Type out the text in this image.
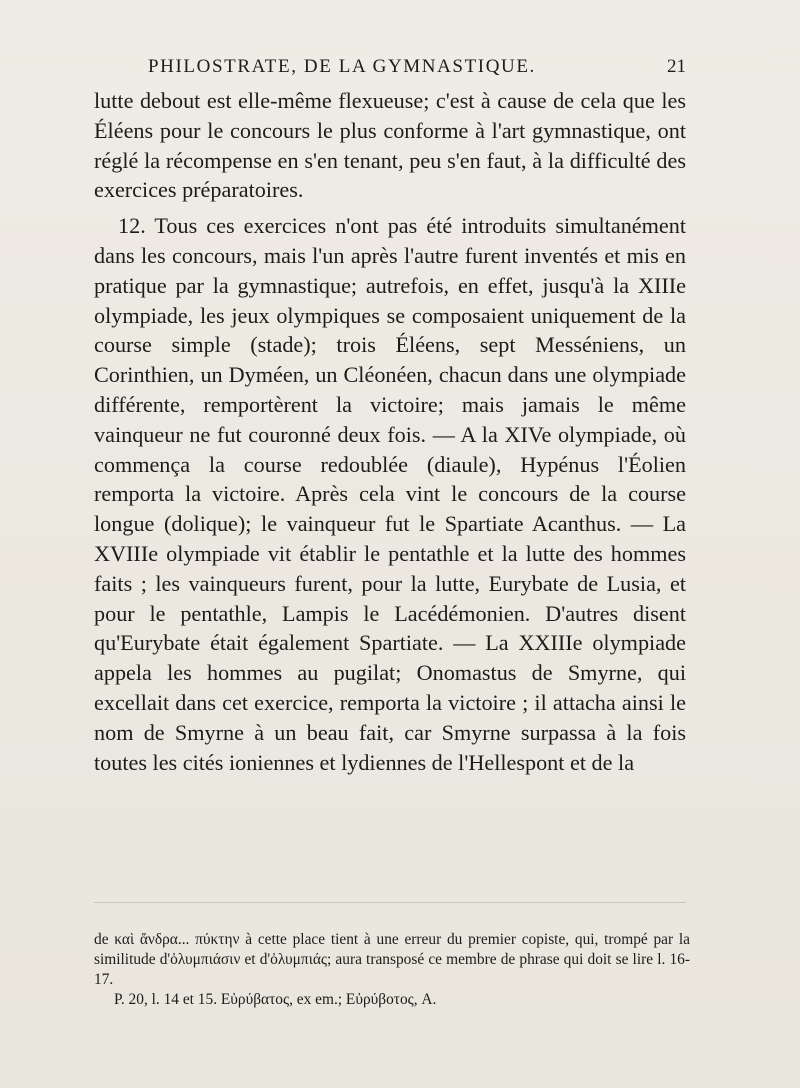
PHILOSTRATE, DE LA GYMNASTIQUE.	21

lutte debout est elle-même flexueuse; c'est à cause de cela que les Éléens pour le concours le plus conforme à l'art gymnastique, ont réglé la récompense en s'en tenant, peu s'en faut, à la difficulté des exercices préparatoires.

12. Tous ces exercices n'ont pas été introduits simultanément dans les concours, mais l'un après l'autre furent inventés et mis en pratique par la gymnastique; autrefois, en effet, jusqu'à la XIIIe olympiade, les jeux olympiques se composaient uniquement de la course simple (stade); trois Éléens, sept Messéniens, un Corinthien, un Dyméen, un Cléonéen, chacun dans une olympiade différente, remportèrent la victoire; mais jamais le même vainqueur ne fut couronné deux fois. — A la XIVe olympiade, où commença la course redoublée (diaule), Hypénus l'Éolien remporta la victoire. Après cela vint le concours de la course longue (dolique); le vainqueur fut le Spartiate Acanthus. — La XVIIIe olympiade vit établir le pentathle et la lutte des hommes faits ; les vainqueurs furent, pour la lutte, Eurybate de Lusia, et pour le pentathle, Lampis le Lacédémonien. D'autres disent qu'Eurybate était également Spartiate. — La XXIIIe olympiade appela les hommes au pugilat; Onomastus de Smyrne, qui excellait dans cet exercice, remporta la victoire ; il attacha ainsi le nom de Smyrne à un beau fait, car Smyrne surpassa à la fois toutes les cités ioniennes et lydiennes de l'Hellespont et de la

de καὶ ἄνδρα... πύκτην à cette place tient à une erreur du premier copiste, qui, trompé par la similitude d'ὀλυμπιάσιν et d'ὀλυμπιάς; aura transposé ce membre de phrase qui doit se lire l. 16-17.

P. 20, l. 14 et 15. Εὐρύβατος, ex em.; Εὐρύβοτος, A.
